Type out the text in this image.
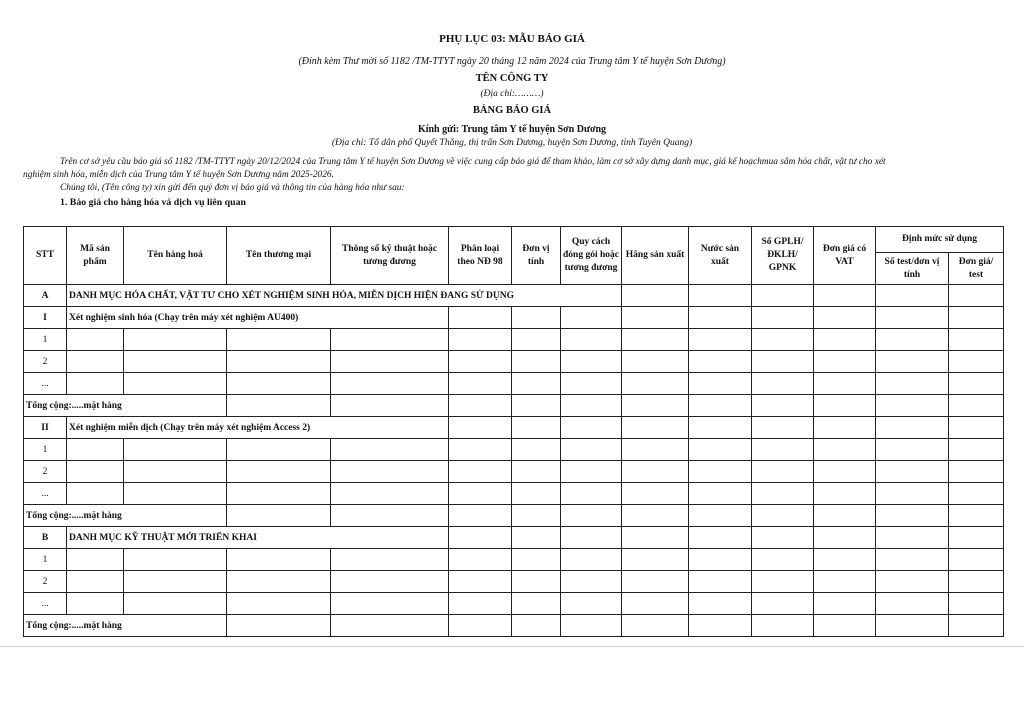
PHỤ LỤC 03: MẪU BÁO GIÁ
(Đính kèm Thư mời số 1182 /TM-TTYT ngày 20 tháng 12 năm 2024 của Trung tâm Y tế huyện Sơn Dương)
TÊN CÔNG TY
(Địa chỉ:………)
BẢNG BÁO GIÁ
Kính gửi: Trung tâm Y tế huyện Sơn Dương
(Địa chỉ: Tổ dân phố Quyết Thắng, thị trấn Sơn Dương, huyện Sơn Dương, tỉnh Tuyên Quang)
Trên cơ sở yêu cầu báo giá số 1182 /TM-TTYT ngày 20/12/2024 của Trung tâm Y tế huyện Sơn Dương về việc cung cấp báo giá để tham khảo, làm cơ sở xây dựng danh mục, giá kế hoạchmua sắm hóa chất, vật tư cho xét
nghiệm sinh hóa, miễn dịch của Trung tâm Y tế huyện Sơn Dương năm 2025-2026.
Chúng tôi, (Tên công ty) xin gửi đến quý đơn vị báo giá và thông tin của hàng hóa như sau:
1. Báo giá cho hàng hóa và dịch vụ liên quan
STT	Mã sản phẩm	Tên hàng hoá	Tên thương mại	Thông số kỹ thuật hoặc tương đương	Phân loại theo NĐ 98	Đơn vị tính	Quy cách đóng gói hoặc tương đương	Hãng sản xuất	Nước sản xuất	Số GPLH/ ĐKLH/ GPNK	Đơn giá có VAT	Định mức sử dụng	
												Số test/đơn vị tính	Đơn giá/ test
A	DANH MỤC HÓA CHẤT, VẬT TƯ CHO XÉT NGHIỆM SINH HÓA, MIỄN DỊCH HIỆN ĐANG SỬ DỤNG												
I	Xét nghiệm sinh hóa (Chạy trên máy xét nghiệm AU400)												
1													
2													
...													
Tổng cộng:.....mặt hàng													
II	Xét nghiệm miễn dịch (Chạy trên máy xét nghiệm Access 2)												
1													
2													
...													
Tổng cộng:.....mặt hàng													
B	DANH MỤC KỸ THUẬT MỚI TRIỂN KHAI												
1													
2													
...													
Tổng cộng:.....mặt hàng													
